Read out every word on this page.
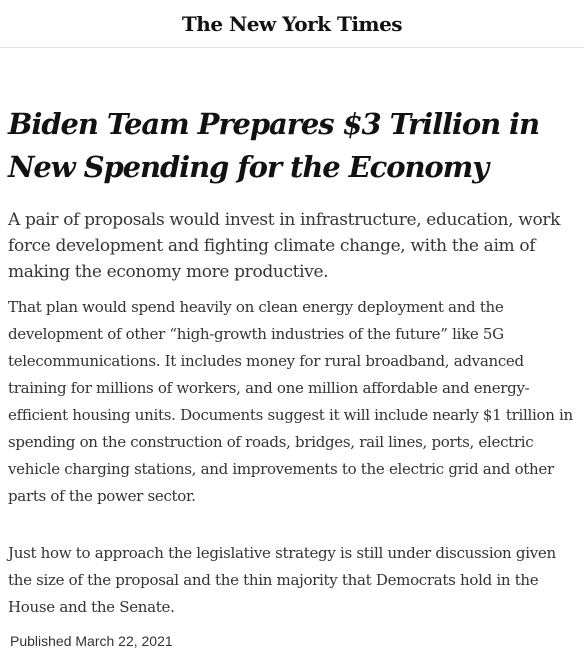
The New York Times
Biden Team Prepares $3 Trillion in New Spending for the Economy

A pair of proposals would invest in infrastructure, education, work force development and fighting climate change, with the aim of making the economy more productive.

That plan would spend heavily on clean energy deployment and the development of other “high-growth industries of the future” like 5G telecommunications. It includes money for rural broadband, advanced training for millions of workers, and one million affordable and energy-efficient housing units. Documents suggest it will include nearly $1 trillion in spending on the construction of roads, bridges, rail lines, ports, electric vehicle charging stations, and improvements to the electric grid and other parts of the power sector.

Just how to approach the legislative strategy is still under discussion given the size of the proposal and the thin majority that Democrats hold in the House and the Senate.

Published March 22, 2021
